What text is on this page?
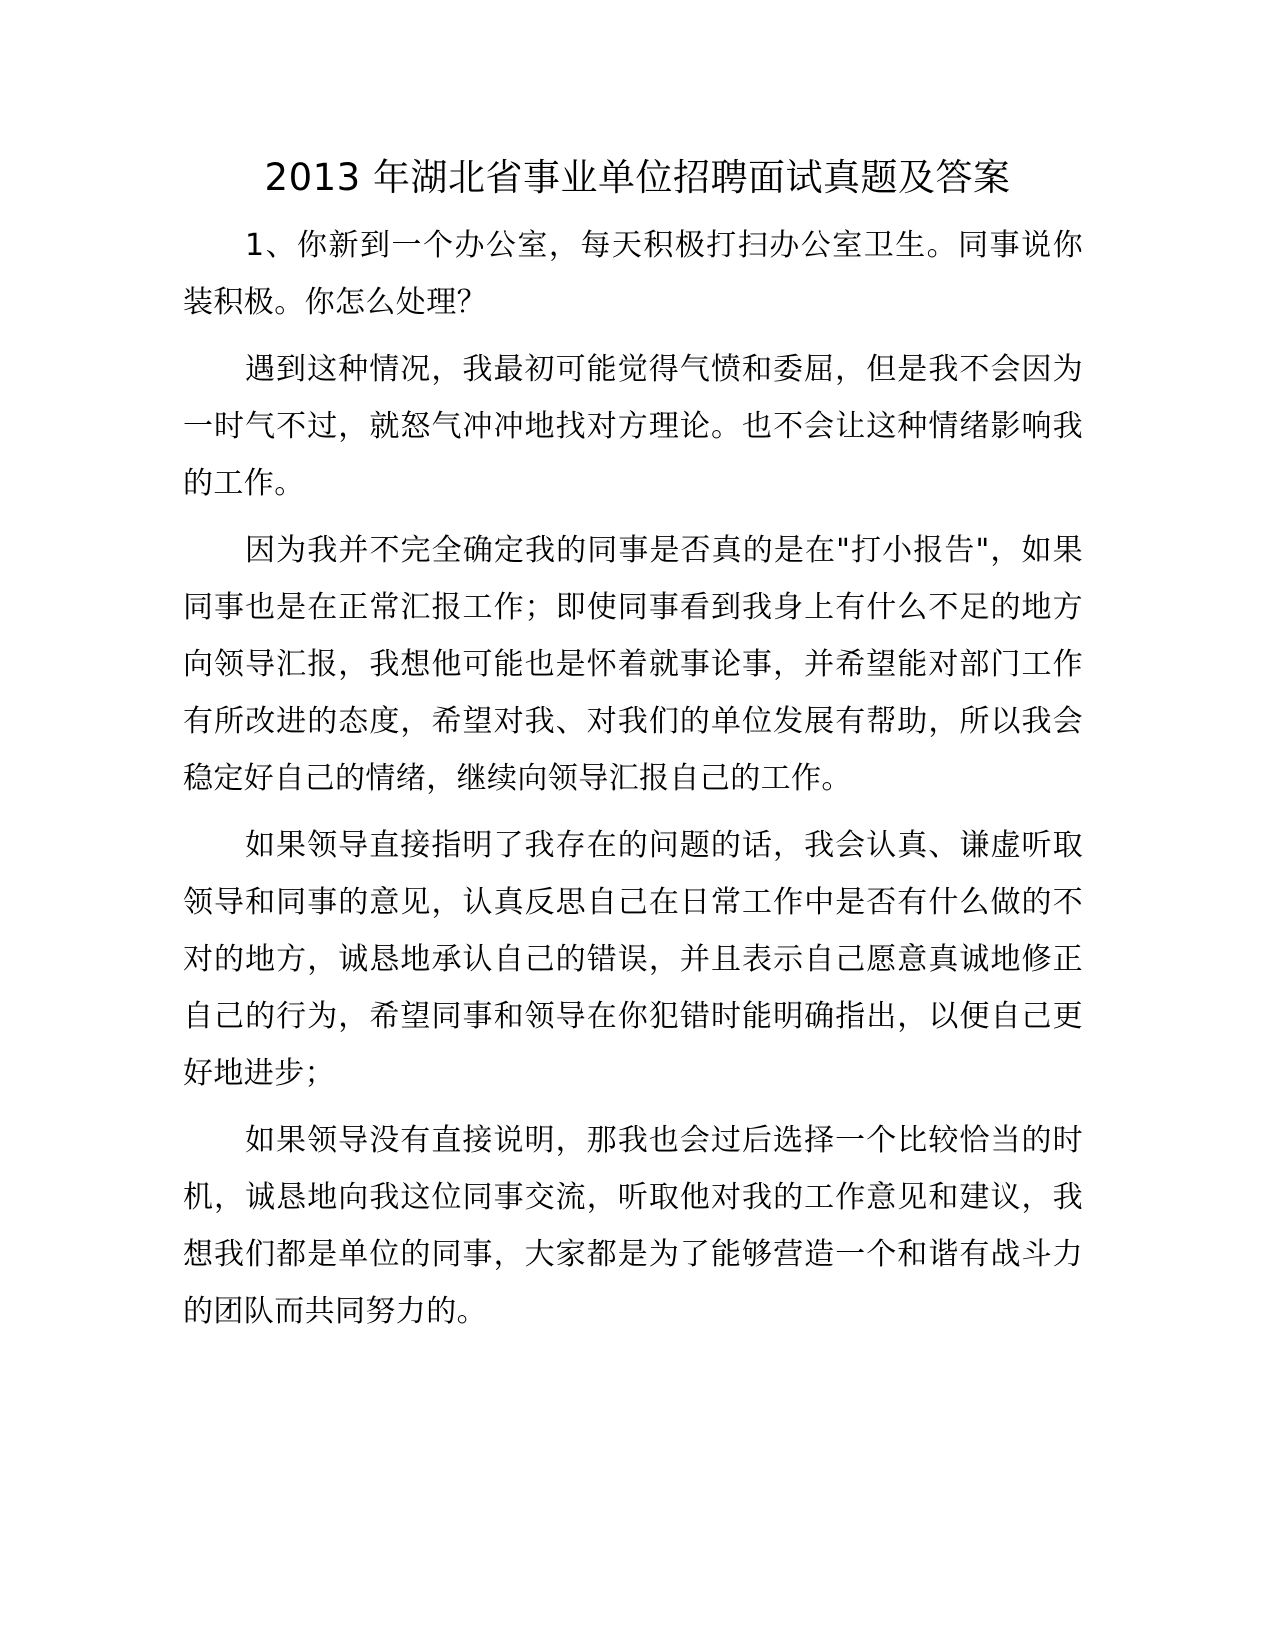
2013 年湖北省事业单位招聘面试真题及答案

1、你新到一个办公室，每天积极打扫办公室卫生。同事说你装积极。你怎么处理？

遇到这种情况，我最初可能觉得气愤和委屈，但是我不会因为一时气不过，就怒气冲冲地找对方理论。也不会让这种情绪影响我的工作。

因为我并不完全确定我的同事是否真的是在"打小报告"，如果同事也是在正常汇报工作；即使同事看到我身上有什么不足的地方向领导汇报，我想他可能也是怀着就事论事，并希望能对部门工作有所改进的态度，希望对我、对我们的单位发展有帮助，所以我会稳定好自己的情绪，继续向领导汇报自己的工作。

如果领导直接指明了我存在的问题的话，我会认真、谦虚听取领导和同事的意见，认真反思自己在日常工作中是否有什么做的不对的地方，诚恳地承认自己的错误，并且表示自己愿意真诚地修正自己的行为，希望同事和领导在你犯错时能明确指出，以便自己更好地进步；

如果领导没有直接说明，那我也会过后选择一个比较恰当的时机，诚恳地向我这位同事交流，听取他对我的工作意见和建议，我想我们都是单位的同事，大家都是为了能够营造一个和谐有战斗力的团队而共同努力的。
